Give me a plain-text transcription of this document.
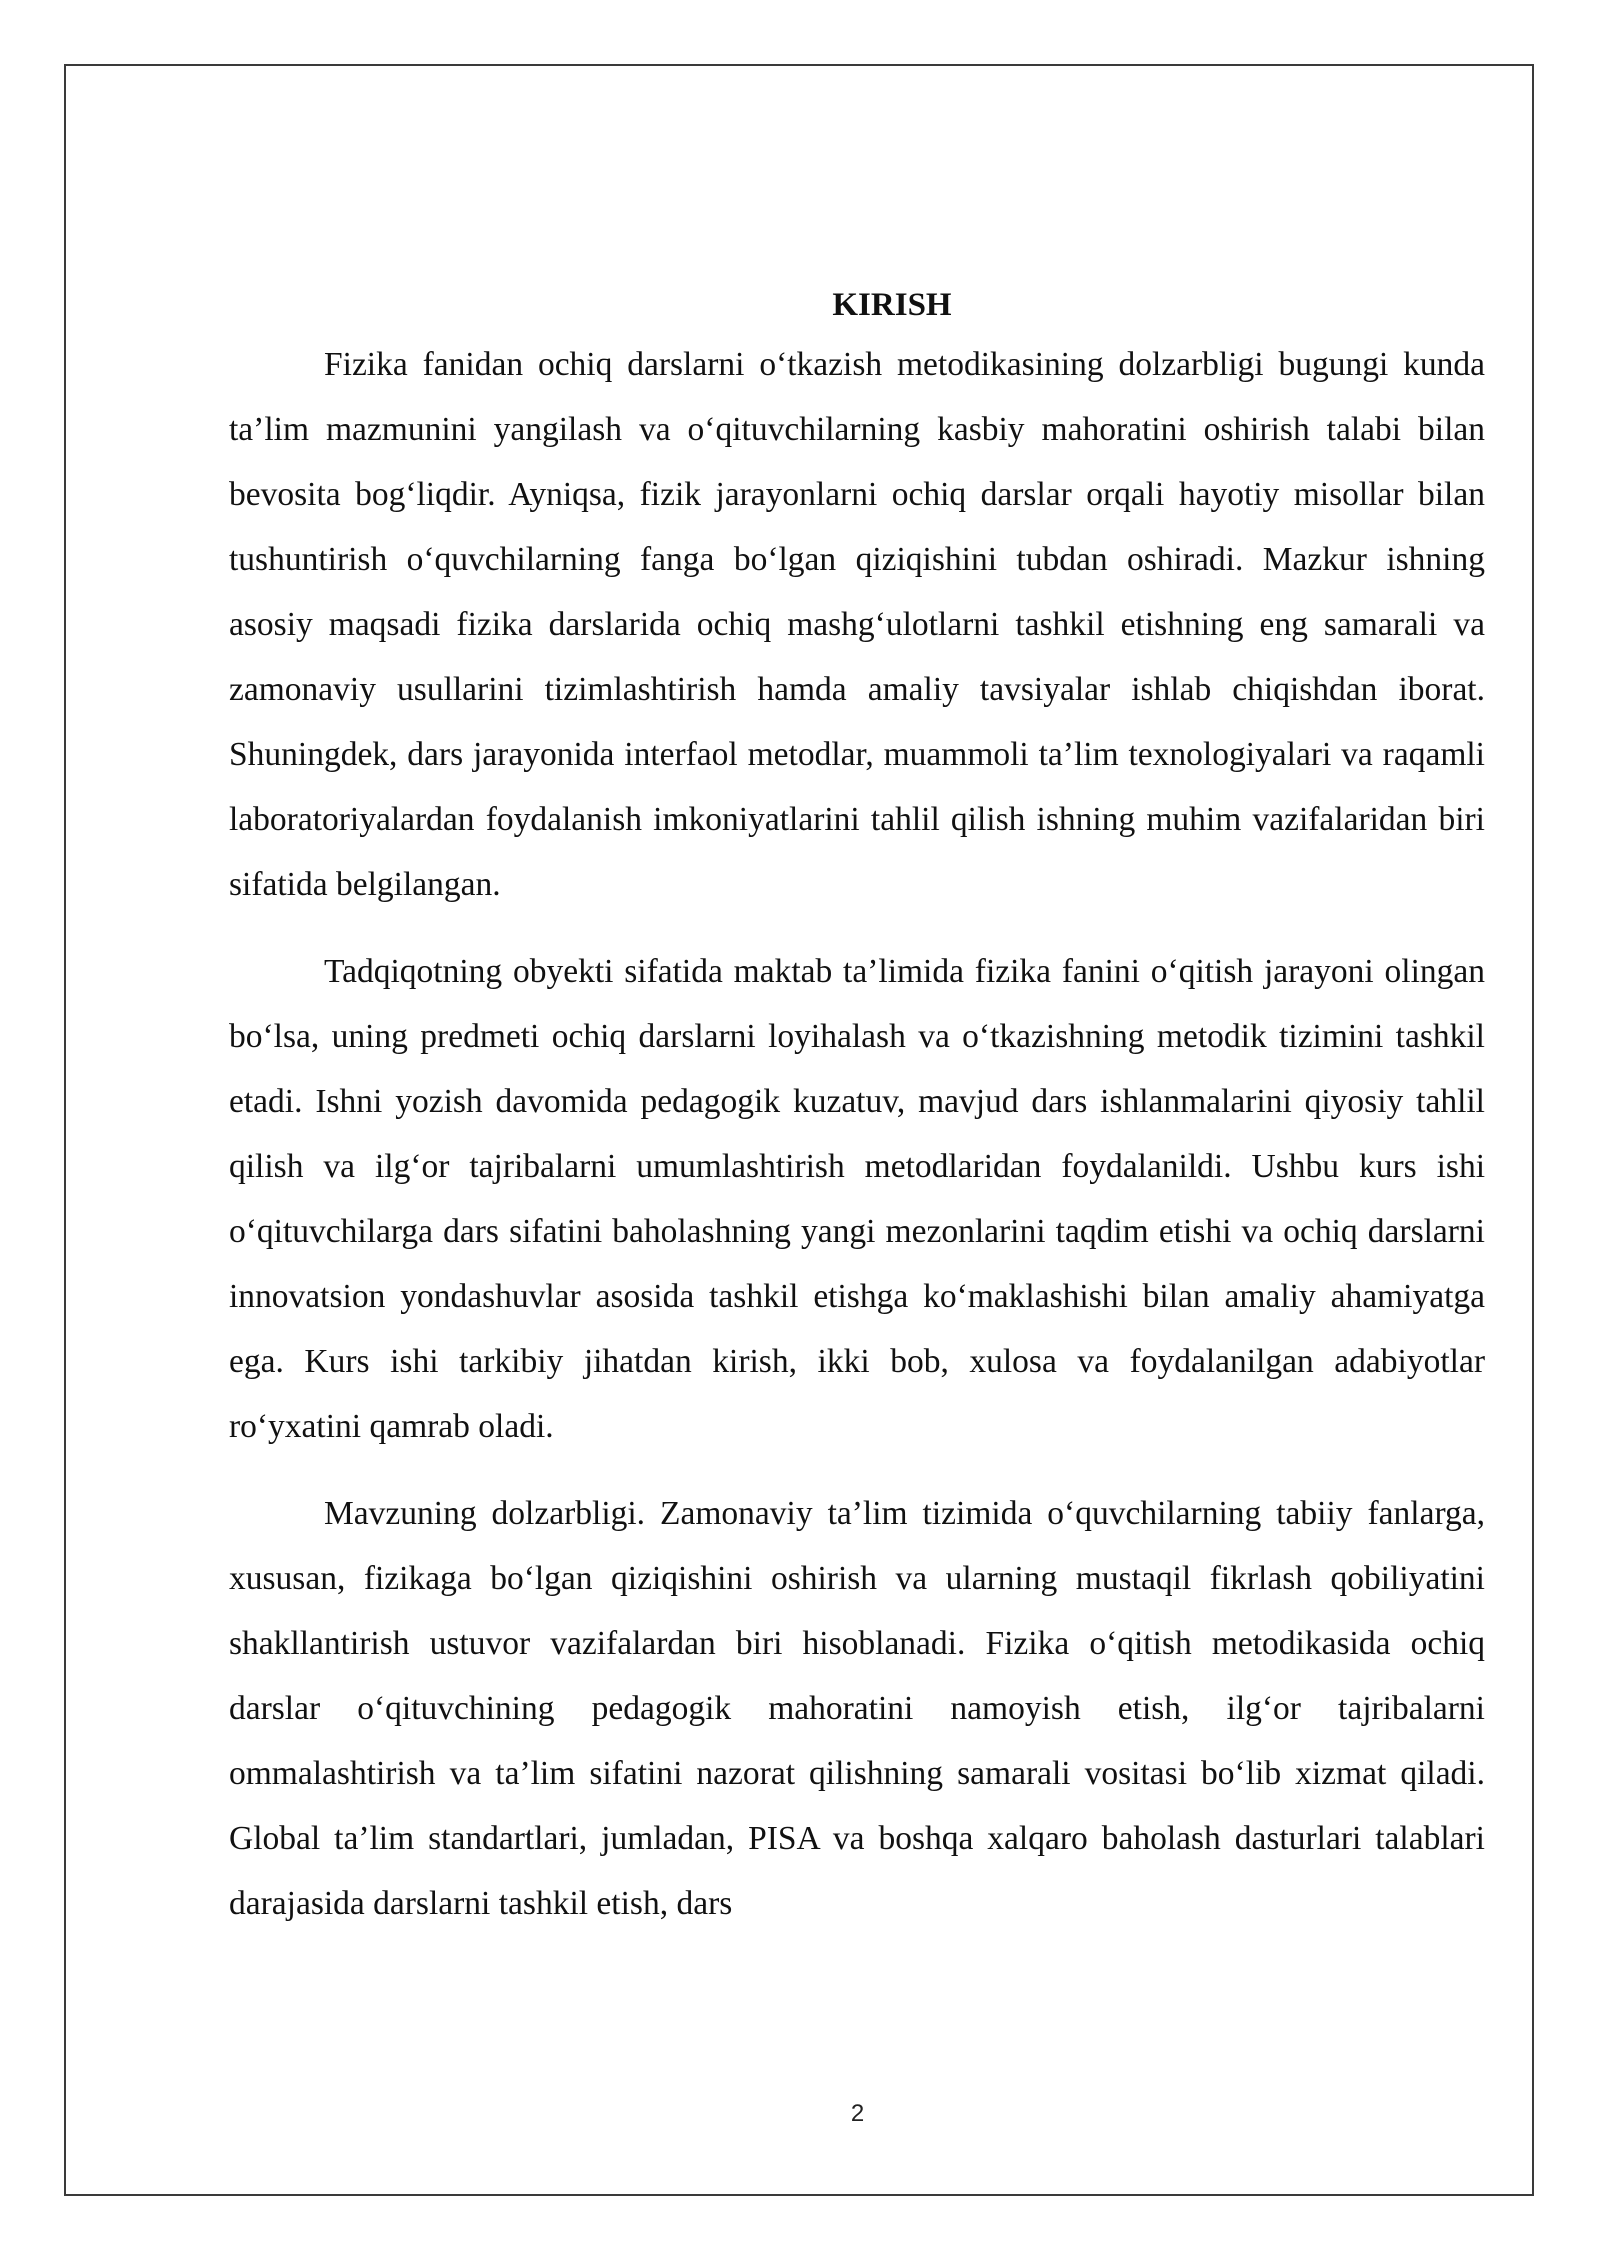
KIRISH

Fizika fanidan ochiq darslarni o‘tkazish metodikasining dolzarbligi bugungi kunda ta’lim mazmunini yangilash va o‘qituvchilarning kasbiy mahoratini oshirish talabi bilan bevosita bog‘liqdir. Ayniqsa, fizik jarayonlarni ochiq darslar orqali hayotiy misollar bilan tushuntirish o‘quvchilarning fanga bo‘lgan qiziqishini tubdan oshiradi. Mazkur ishning asosiy maqsadi fizika darslarida ochiq mashg‘ulotlarni tashkil etishning eng samarali va zamonaviy usullarini tizimlashtirish hamda amaliy tavsiyalar ishlab chiqishdan iborat. Shuningdek, dars jarayonida interfaol metodlar, muammoli ta’lim texnologiyalari va raqamli laboratoriyalardan foydalanish imkoniyatlarini tahlil qilish ishning muhim vazifalaridan biri sifatida belgilangan.

Tadqiqotning obyekti sifatida maktab ta’limida fizika fanini o‘qitish jarayoni olingan bo‘lsa, uning predmeti ochiq darslarni loyihalash va o‘tkazishning metodik tizimini tashkil etadi. Ishni yozish davomida pedagogik kuzatuv, mavjud dars ishlanmalarini qiyosiy tahlil qilish va ilg‘or tajribalarni umumlashtirish metodlaridan foydalanildi. Ushbu kurs ishi o‘qituvchilarga dars sifatini baholashning yangi mezonlarini taqdim etishi va ochiq darslarni innovatsion yondashuvlar asosida tashkil etishga ko‘maklashishi bilan amaliy ahamiyatga ega. Kurs ishi tarkibiy jihatdan kirish, ikki bob, xulosa va foydalanilgan adabiyotlar ro‘yxatini qamrab oladi.

Mavzuning dolzarbligi. Zamonaviy ta’lim tizimida o‘quvchilarning tabiiy fanlarga, xususan, fizikaga bo‘lgan qiziqishini oshirish va ularning mustaqil fikrlash qobiliyatini shakllantirish ustuvor vazifalardan biri hisoblanadi. Fizika o‘qitish metodikasida ochiq darslar o‘qituvchining pedagogik mahoratini namoyish etish, ilg‘or tajribalarni ommalashtirish va ta’lim sifatini nazorat qilishning samarali vositasi bo‘lib xizmat qiladi. Global ta’lim standartlari, jumladan, PISA va boshqa xalqaro baholash dasturlari talablari darajasida darslarni tashkil etish, dars

2
